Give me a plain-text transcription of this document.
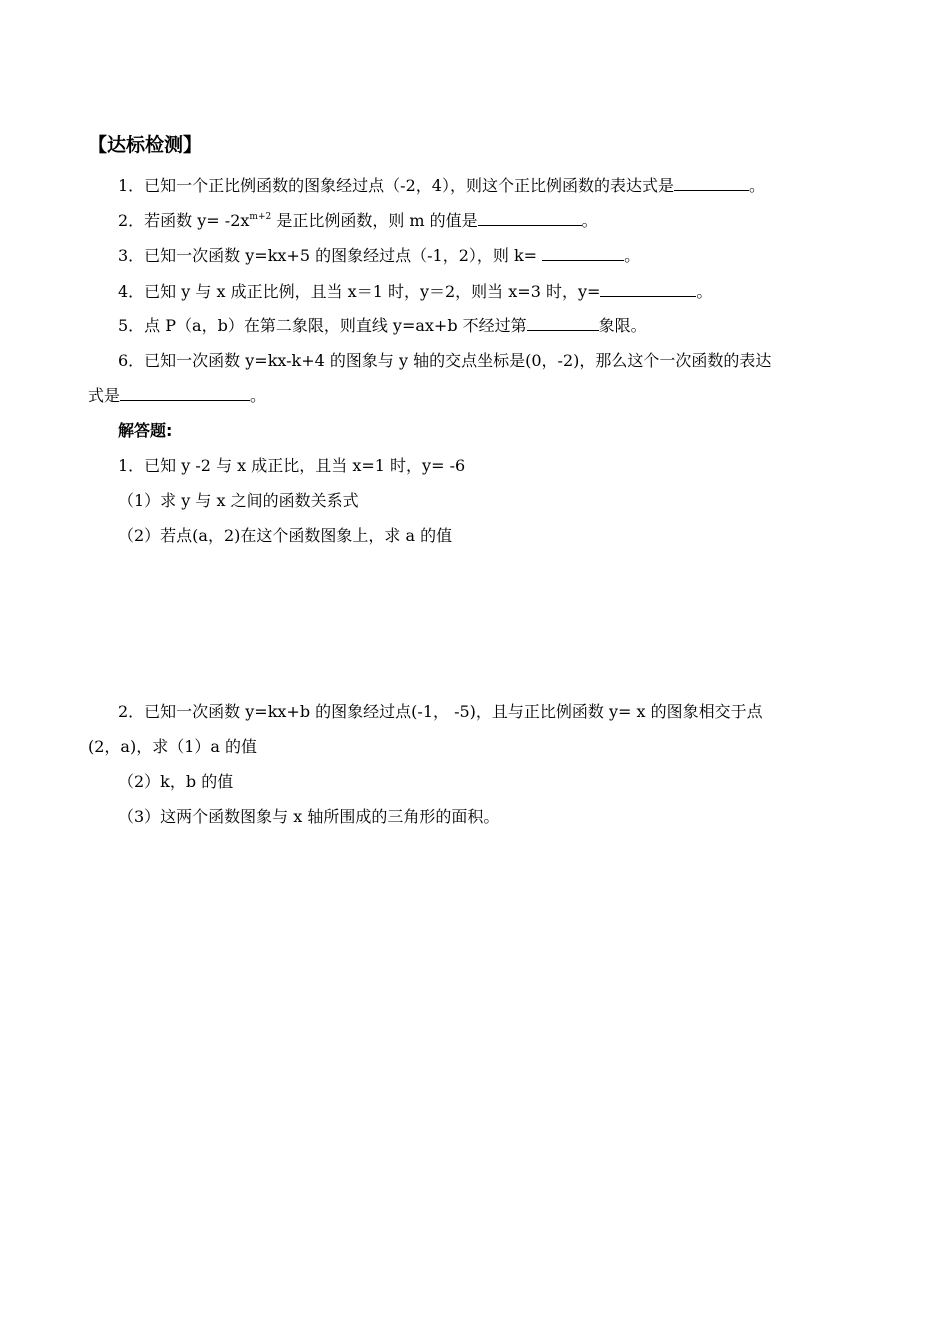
【达标检测】
1．已知一个正比例函数的图象经过点（-2，4），则这个正比例函数的表达式是	。
2．若函数 $y= -2x^{m+2}$ 是正比例函数，则 m 的值是	。
3．已知一次函数 y=kx+5 的图象经过点（-1，2），则 k=	。
4．已知 y 与 x 成正比例，且当 x＝1 时，y＝2，则当 x=3 时，y=	。
5．点 P（a，b）在第二象限，则直线 y=ax+b 不经过第	象限。
6．已知一次函数 y=kx-k+4 的图象与 y 轴的交点坐标是(0，-2)，那么这个一次函数的表达
式是	。
解答题:
1．已知 y -2 与 x 成正比，且当 x=1 时，y= -6
（1）求 y 与 x 之间的函数关系式
（2）若点(a，2)在这个函数图象上，求 a 的值
2．已知一次函数 y=kx+b 的图象经过点(-1， -5)，且与正比例函数 y= x 的图象相交于点
(2，a)，求（1）a 的值
（2）k，b 的值
（3）这两个函数图象与 x 轴所围成的三角形的面积。
